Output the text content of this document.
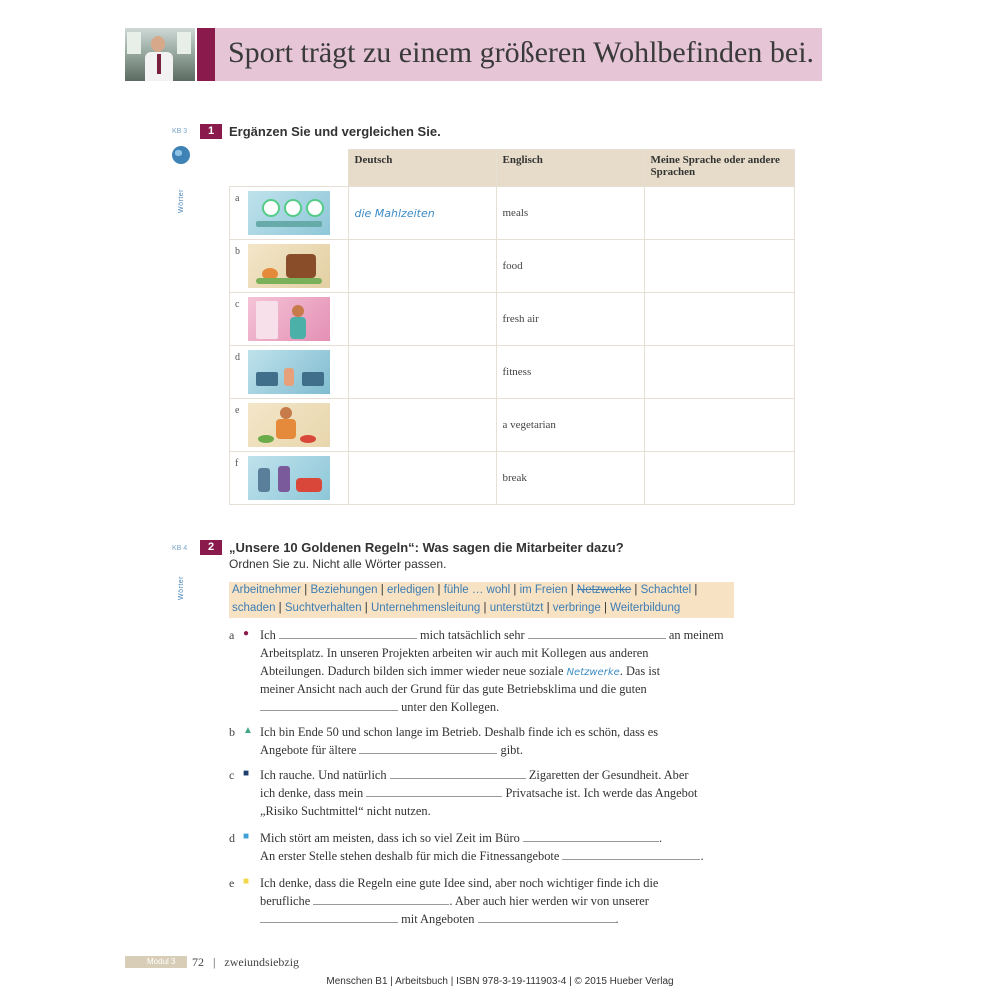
Sport trägt zu einem größeren Wohlbefinden bei.
KB 3	1	Ergänzen Sie und vergleichen Sie.
Wörter
	Deutsch	Englisch	Meine Sprache oder andere Sprachen

a	die Mahlzeiten	meals	

b		food	

c		fresh air	

d		fitness	

e		a vegetarian	

f		break	
KB 4	2	„Unsere 10 Goldenen Regeln“: Was sagen die Mitarbeiter dazu?
Ordnen Sie zu. Nicht alle Wörter passen.
Wörter	Arbeitnehmer | Beziehungen | erledigen | fühle … wohl | im Freien | Netzwerke | Schachtel |
schaden | Suchtverhalten | Unternehmensleitung | unterstützt | verbringe | Weiterbildung
a ● Ich	mich tatsächlich sehr	an meinem
Arbeitsplatz. In unseren Projekten arbeiten wir auch mit Kollegen aus anderen
Abteilungen. Dadurch bilden sich immer wieder neue soziale Netzwerke. Das ist
meiner Ansicht nach auch der Grund für das gute Betriebsklima und die guten
unter den Kollegen.
b ▲ Ich bin Ende 50 und schon lange im Betrieb. Deshalb finde ich es schön, dass es
Angebote für ältere	gibt.
c ■ Ich rauche. Und natürlich	Zigaretten der Gesundheit. Aber
ich denke, dass mein	Privatsache ist. Ich werde das Angebot
„Risiko Suchtmittel“ nicht nutzen.
d ■ Mich stört am meisten, dass ich so viel Zeit im Büro	.
An erster Stelle stehen deshalb für mich die Fitnessangebote	.
e ■ Ich denke, dass die Regeln eine gute Idee sind, aber noch wichtiger finde ich die
berufliche	. Aber auch hier werden wir von unserer
mit Angeboten	.
Modul 3	72 | zweiundsiebzig
Menschen B1 | Arbeitsbuch | ISBN 978-3-19-111903-4 | © 2015 Hueber Verlag
